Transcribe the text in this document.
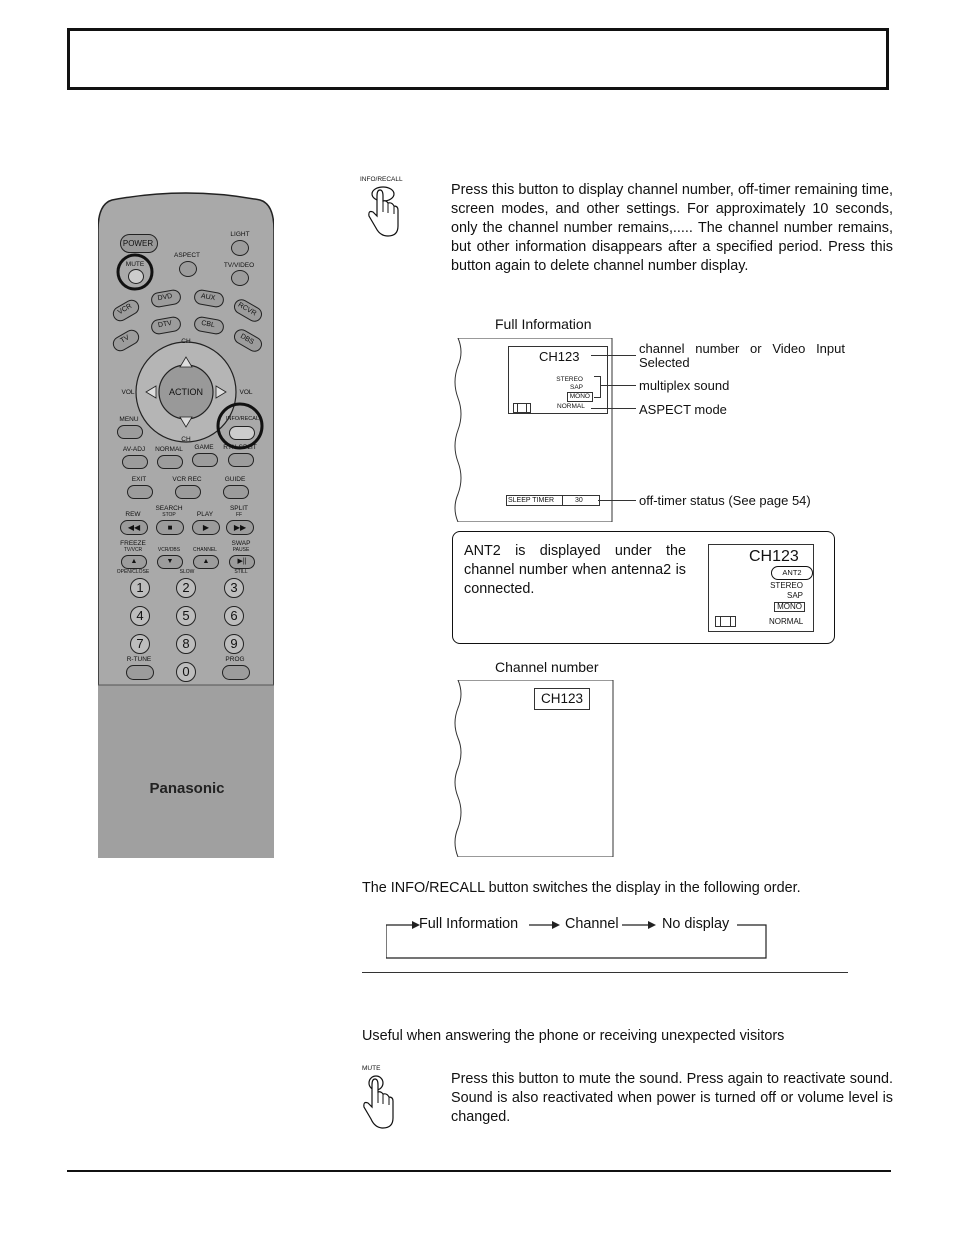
POWER
LIGHT
ASPECT
MUTE	TV/VIDEO
VCR
DVD	AUX
RCVR
TV
DTV	CBL
DBS
CH
CH
VOL	VOL
ACTION
MENU	INFO/RECALL
AV-ADJ	NORMAL	GAME	RTN-SPLIT
EXIT	VCR REC	GUIDE
REW
SEARCH
STOP	PLAY
SPLIT
FF
◀◀	■	▶	▶▶
FREEZE
TV/VCR	VCR/DBS	CHANNEL
SWAP
PAUSE
▲	▼	▲	▶||
OPEN/CLOSE	SLOW	STILL
1	2	3
4	5	6
7	8	9
R-TUNE	PROG
0
Panasonic
INFO/RECALL
Press this button to display channel number, off-timer remaining time, screen modes, and other settings. For approximately 10 seconds, only the channel number remains,..... The channel number remains, but other information disappears after a specified period. Press this button again to delete channel number display.
Full Information
CH123
STEREO
SAP
MONO
NORMAL
SLEEP TIMER	30
channel number or Video Input Selected
multiplex sound
ASPECT mode
off-timer status (See page 54)
ANT2 is displayed under the channel number when antenna2 is connected.
CH123
ANT2
STEREO
SAP
MONO
NORMAL
Channel number
CH123
The INFO/RECALL button switches the display in the following order.
Full Information	Channel	No display
Useful when answering the phone or receiving unexpected visitors
MUTE
Press this button to mute the sound. Press again to reactivate sound. Sound is also reactivated when power is turned off or volume level is changed.
